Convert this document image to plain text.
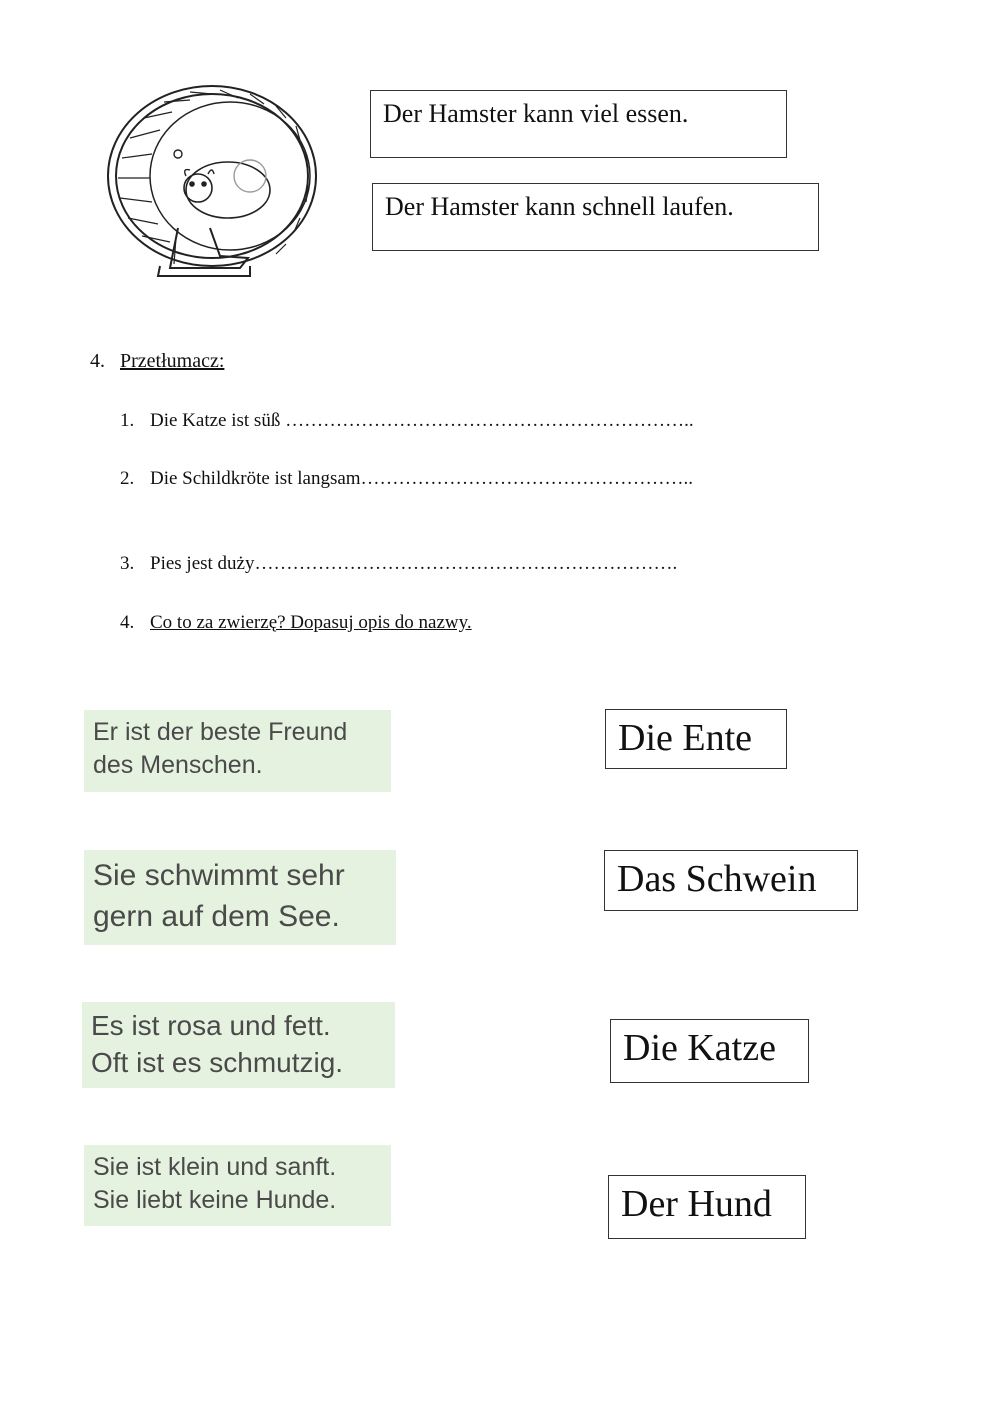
Der Hamster kann viel essen.
Der Hamster kann schnell laufen.
4. Przetłumacz:
1. Die Katze ist süß ………………………………………………………..
2. Die Schildkröte ist langsam……………………………………………..
3. Pies jest duży………………………………………………………….
4. Co to za zwierzę? Dopasuj opis do nazwy.
Er ist der beste Freund
des Menschen.
Sie schwimmt sehr
gern auf dem See.
Es ist rosa und fett.
Oft ist es schmutzig.
Sie ist klein und sanft.
Sie liebt keine Hunde.
Die Ente
Das Schwein
Die Katze
Der Hund
